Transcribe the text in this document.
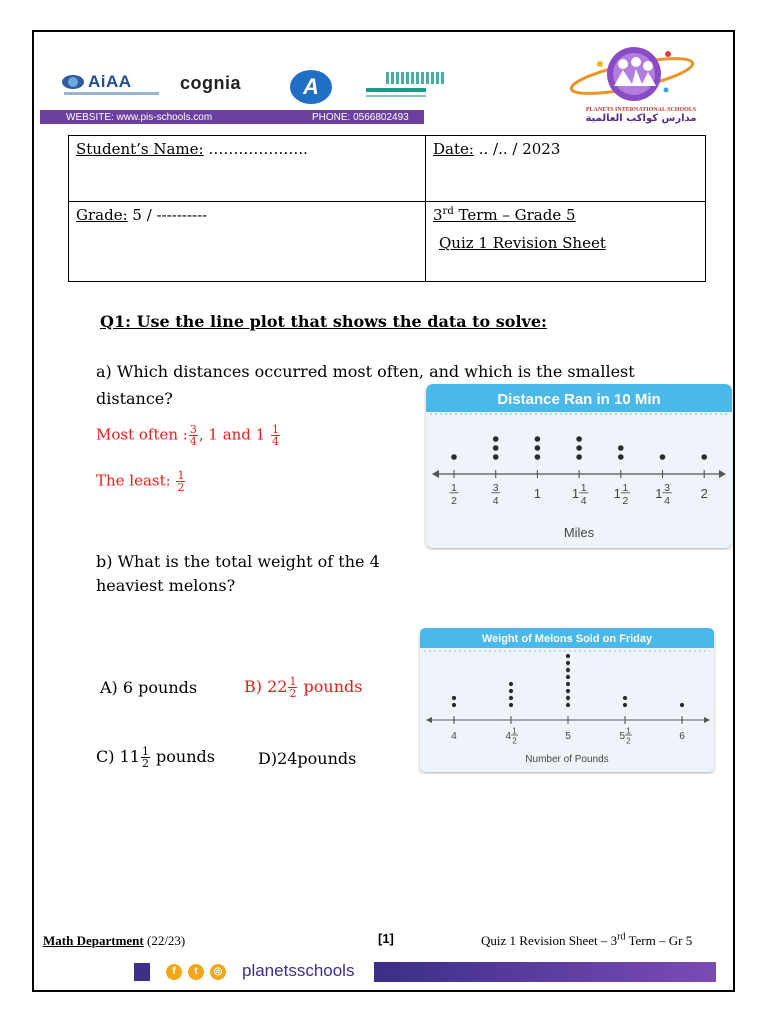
AiAA	cognia	A
WEBSITE: www.pis-schools.com	PHONE: 0566802493
PLANETS INTERNATIONAL SCHOOLS
مدارس كواكب العالمية
Student’s Name: ………………..	Date: .. /.. / 2023
Grade: 5 / ----------	3rd Term – Grade 5
Quiz 1 Revision Sheet
Q1: Use the line plot that shows the data to solve:
a) Which distances occurred most often, and which is the smallest distance?
Most often : $\frac{3}{4}$ , 1 and $1 \frac{1}{4}$
The least: $\frac{1}{2}$
Distance Ran in 10 Min
1
2
3
4
1 1 1
4
1 1
2
1 3
4
2
Miles
b) What is the total weight of the 4 heaviest melons?
Weight of Melons Sold on Friday
4	4 1
2	5	5 1
2	6
Number of Pounds
A) 6 pounds	B) $22 \frac{1}{2}$ pounds
C) $11 \frac{1}{2}$ pounds	D)24pounds
Math Department (22/23)	[1]	Quiz 1 Revision Sheet – 3rd Term – Gr 5
f	t	◎ planetsschools
